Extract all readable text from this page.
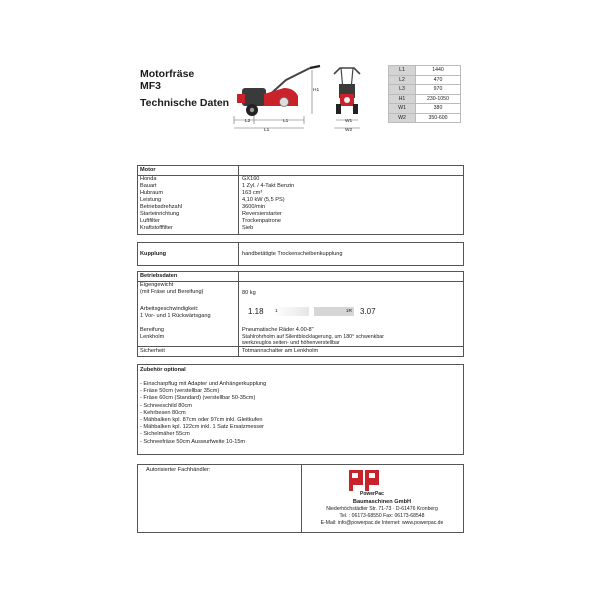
Motorfräse
MF3
Technische Daten
H1
L2	L1
L1
W1
W2
L1	1440
L2	470
L3	970
H1	230-1050
W1	380
W2	350-600
Motor
Honda	GX160
Bauart	1 Zyl. / 4-Takt Benzin
Hubraum	163 cm³
Leistung	4,10 kW (5,5 PS)
Betriebsdrehzahl	3600/min
Starteinrichtung	Reversierstarter
Luftfilter	Trockenpatrone
Kraftstofffilter	Sieb
Kupplung	handbetätigte Trockenscheibenkupplung
Betriebsdaten
Eigengewicht
(mit Fräse und Bereifung)	80 kg
Arbeitsgeschwindigkeit:
1 Vor- und 1 Rückwärtsgang	1.18 1	1R 3.07
Bereifung	Pneumatische Räder 4.00-8"
Lenkholm	Stahlrohrholm auf Silentblocklagerung, um 180° schwenkbar
werkzeuglos seiten- und höhenverstellbar
Sicherheit	Totmannschalter am Lenkholm
Zubehör optional
- Einscharpflug mit Adapter und Anhängerkupplung
- Fräse 50cm (verstellbar 35cm)
- Fräse 60cm (Standard) (verstellbar 50-35cm)
- Schneeschild 80cm
- Kehrbesen 80cm
- Mähbalken kpl. 87cm oder 97cm inkl. Gleitkufen
- Mähbalken kpl. 122cm inkl. 1 Satz Ersatzmesser
- Sichelmäher 55cm
- Schneefräse 50cm Auswurfweite 10-15m
Autorisierter Fachhändler:
PowerPac
Baumaschinen GmbH
Niederhöchstädter Str. 71-73 · D-61476 Kronberg
Tel. : 06173-68550 Fax: 06173-68548
E-Mail: info@powerpac.de Internet: www.powerpac.de
